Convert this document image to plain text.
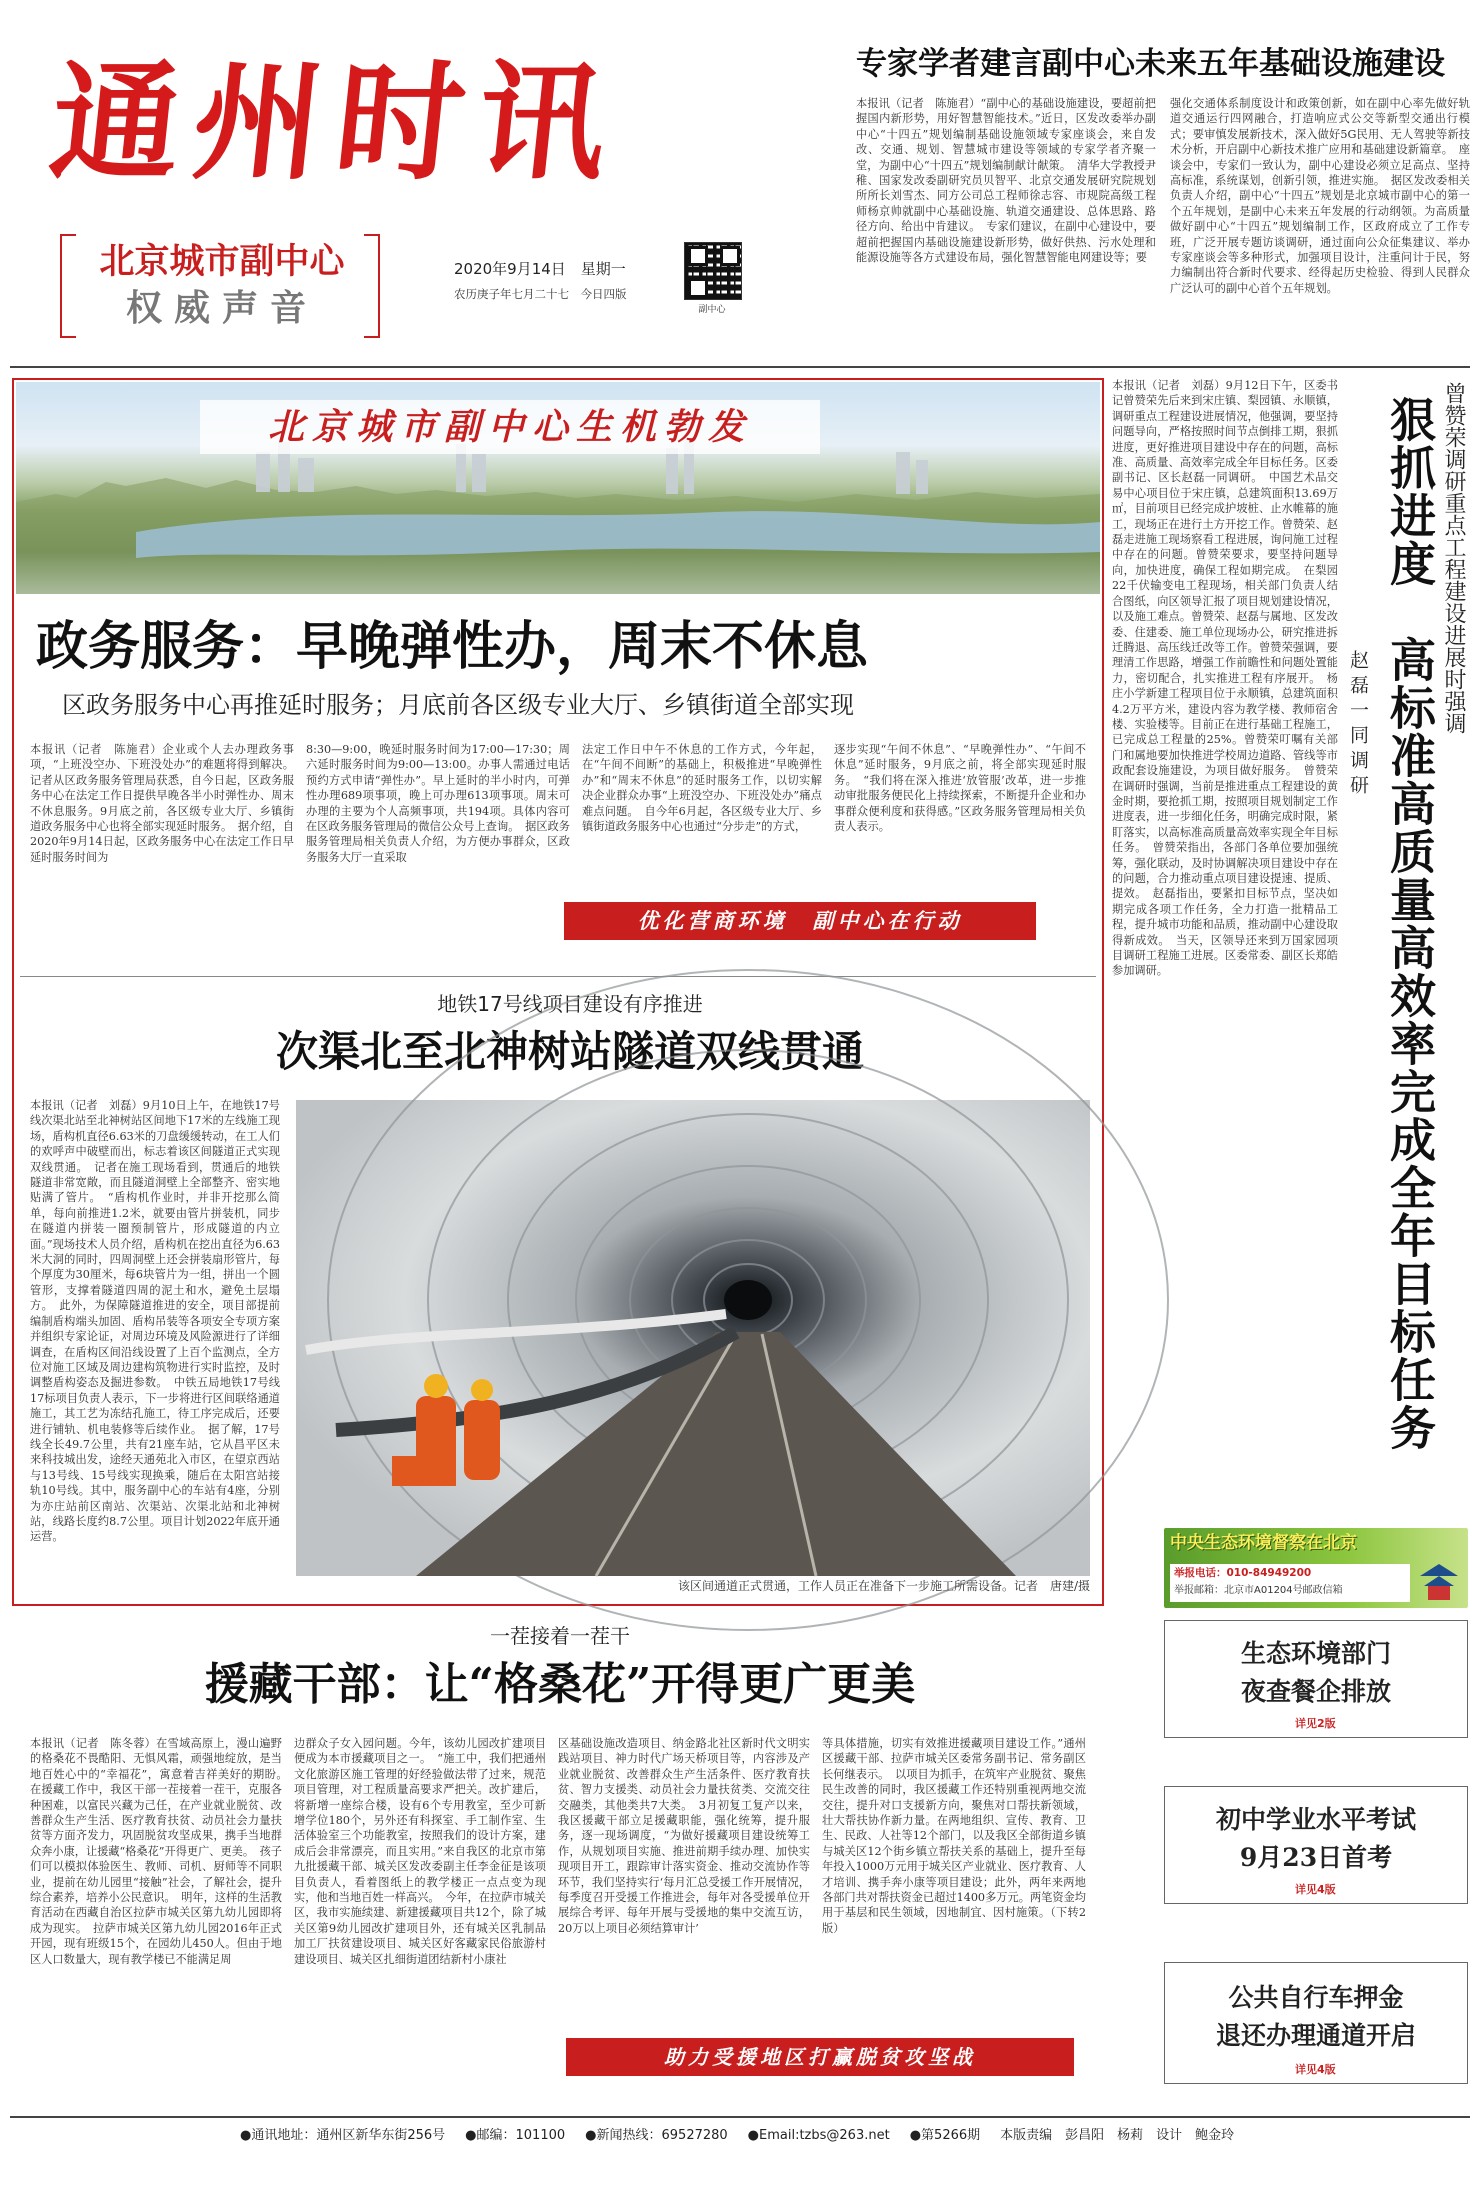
通州时讯
北京城市副中心
权威声音
2020年9月14日　星期一
农历庚子年七月二十七　今日四版
副中心
专家学者建言副中心未来五年基础设施建设

本报讯（记者　陈施君）“副中心的基础设施建设，要超前把握国内新形势，用好智慧智能技术。”近日，区发改委举办副中心“十四五”规划编制基础设施领域专家座谈会，来自发改、交通、规划、智慧城市建设等领域的专家学者齐聚一堂，为副中心“十四五”规划编制献计献策。　清华大学教授尹稚、国家发改委副研究员贝智平、北京交通发展研究院规划所所长刘雪杰、同方公司总工程师徐志容、市规院高级工程师杨京帅就副中心基础设施、轨道交通建设、总体思路、路径方向、给出中肯建议。　专家们建议，在副中心建设中，要超前把握国内基础设施建设新形势，做好供热、污水处理和能源设施等各方式建设布局，强化智慧智能电网建设等；要

强化交通体系制度设计和政策创新，如在副中心率先做好轨道交通运行四网融合，打造响应式公交等新型交通出行模式；要审慎发展新技术，深入做好5G民用、无人驾驶等新技术分析，开启副中心新技术推广应用和基础建设新篇章。　座谈会中，专家们一致认为，副中心建设必须立足高点、坚持高标准，系统谋划，创新引领，推进实施。　据区发改委相关负责人介绍，副中心“十四五”规划是北京城市副中心的第一个五年规划，是副中心未来五年发展的行动纲领。为高质量做好副中心“十四五”规划编制工作，区政府成立了工作专班，广泛开展专题访谈调研，通过面向公众征集建议、举办专家座谈会等多种形式，加强项目设计，注重问计于民，努力编制出符合新时代要求、经得起历史检验、得到人民群众广泛认可的副中心首个五年规划。

北京城市副中心生机勃发
政务服务：早晚弹性办，周末不休息
区政务服务中心再推延时服务；月底前各区级专业大厅、乡镇街道全部实现

本报讯（记者　陈施君）企业或个人去办理政务事项，“上班没空办、下班没处办”的难题将得到解决。记者从区政务服务管理局获悉，自今日起，区政务服务中心在法定工作日提供早晚各半小时弹性办、周末不休息服务。9月底之前，各区级专业大厅、乡镇街道政务服务中心也将全部实现延时服务。　据介绍，自2020年9月14日起，区政务服务中心在法定工作日早延时服务时间为

8:30—9:00，晚延时服务时间为17:00—17:30；周六延时服务时间为9:00—13:00。办事人需通过电话预约方式申请“弹性办”。早上延时的半小时内，可弹性办理689项事项，晚上可办理613项事项。周末可办理的主要为个人高频事项，共194项。具体内容可在区政务服务管理局的微信公众号上查询。　据区政务服务管理局相关负责人介绍，为方便办事群众，区政务服务大厅一直采取

法定工作日中午不休息的工作方式，今年起，在“午间不间断”的基础上，积极推进“早晚弹性办”和“周末不休息”的延时服务工作，以切实解决企业群众办事“上班没空办、下班没处办”痛点难点问题。　自今年6月起，各区级专业大厅、乡镇街道政务服务中心也通过“分步走”的方式，

逐步实现“午间不休息”、“早晚弹性办”、“午间不休息”延时服务，9月底之前，将全部实现延时服务。　“我们将在深入推进‘放管服’改革，进一步推动审批服务便民化上持续探索，不断提升企业和办事群众便利度和获得感。”区政务服务管理局相关负责人表示。

优化营商环境　副中心在行动
地铁17号线项目建设有序推进
次渠北至北神树站隧道双线贯通

本报讯（记者　刘磊）9月10日上午，在地铁17号线次渠北站至北神树站区间地下17米的左线施工现场，盾构机直径6.63米的刀盘缓缓转动，在工人们的欢呼声中破壁而出，标志着该区间隧道正式实现双线贯通。　记者在施工现场看到，贯通后的地铁隧道非常宽敞，而且隧道洞壁上全部整齐、密实地贴满了管片。　“盾构机作业时，并非开挖那么简单，每向前推进1.2米，就要由管片拼装机，同步在隧道内拼装一圈预制管片，形成隧道的内立面。”现场技术人员介绍，盾构机在挖出直径为6.63米大洞的同时，四周洞壁上还会拼装扇形管片，每个厚度为30厘米，每6块管片为一组，拼出一个圆管形，支撑着隧道四周的泥土和水，避免土层塌方。　此外，为保障隧道推进的安全，项目部提前编制盾构端头加固、盾构吊装等各项安全专项方案并组织专家论证，对周边环境及风险源进行了详细调查，在盾构区间沿线设置了上百个监测点，全方位对施工区域及周边建构筑物进行实时监控，及时调整盾构姿态及掘进参数。　中铁五局地铁17号线17标项目负责人表示，下一步将进行区间联络通道施工，其工艺为冻结孔施工，待工序完成后，还要进行铺轨、机电装修等后续作业。　据了解，17号线全长49.7公里，共有21座车站，它从昌平区未来科技城出发，途经天通苑北入市区，在望京西站与13号线、15号线实现换乘，随后在太阳宫站接轨10号线。其中，服务副中心的车站有4座，分别为亦庄站前区南站、次渠站、次渠北站和北神树站，线路长度约8.7公里。项目计划2022年底开通运营。

该区间通道正式贯通，工作人员正在准备下一步施工所需设备。记者　唐建/摄

本报讯（记者　刘磊）9月12日下午，区委书记曾赞荣先后来到宋庄镇、梨园镇、永顺镇，调研重点工程建设进展情况，他强调，要坚持问题导向，严格按照时间节点倒排工期，狠抓进度，更好推进项目建设中存在的问题，高标准、高质量、高效率完成全年目标任务。区委副书记、区长赵磊一同调研。　中国艺术品交易中心项目位于宋庄镇，总建筑面积13.69万㎡，目前项目已经完成护坡桩、止水帷幕的施工，现场正在进行土方开挖工作。曾赞荣、赵磊走进施工现场察看工程进展，询问施工过程中存在的问题。曾赞荣要求，要坚持问题导向，加快进度，确保工程如期完成。　在梨园22千伏输变电工程现场，相关部门负责人结合图纸，向区领导汇报了项目规划建设情况，以及施工难点。曾赞荣、赵磊与属地、区发改委、住建委、施工单位现场办公，研究推进拆迁腾退、高压线迁改等工作。曾赞荣强调，要理清工作思路，增强工作前瞻性和问题处置能力，密切配合，扎实推进工程有序展开。　杨庄小学新建工程项目位于永顺镇，总建筑面积4.2万平方米，建设内容为教学楼、教师宿舍楼、实验楼等。目前正在进行基础工程施工，已完成总工程量的25%。曾赞荣叮嘱有关部门和属地要加快推进学校周边道路、管线等市政配套设施建设，为项目做好服务。　曾赞荣在调研时强调，当前是推进重点工程建设的黄金时期，要抢抓工期，按照项目规划制定工作进度表，进一步细化任务，明确完成时限，紧盯落实，以高标准高质量高效率实现全年目标任务。　曾赞荣指出，各部门各单位要加强统筹，强化联动，及时协调解决项目建设中存在的问题，合力推动重点项目建设提速、提质、提效。　赵磊指出，要紧扣目标节点，坚决如期完成各项工作任务，全力打造一批精品工程，提升城市功能和品质，推动副中心建设取得新成效。　当天，区领导还来到万国家园项目调研工程施工进展。区委常委、副区长郑皓参加调研。

曾赞荣调研重点工程建设进展时强调
狠抓进度　高标准高质量高效率完成全年目标任务
赵磊一同调研
中央生态环境督察在北京
举报电话：010-84949200
举报邮箱：北京市A01204号邮政信箱
生态环境部门
夜查餐企排放
详见2版
初中学业水平考试
9月23日首考
详见4版
公共自行车押金
退还办理通道开启
详见4版
一茬接着一茬干
援藏干部：让“格桑花”开得更广更美

本报讯（记者　陈冬蓉）在雪域高原上，漫山遍野的格桑花不畏酷阳、无惧风霜，顽强地绽放，是当地百姓心中的“幸福花”，寓意着吉祥美好的期盼。　在援藏工作中，我区干部一茬接着一茬干，克服各种困难，以富民兴藏为己任，在产业就业脱贫、改善群众生产生活、医疗教育扶贫、动员社会力量扶贫等方面齐发力，巩固脱贫攻坚成果，携手当地群众奔小康，让援藏“格桑花”开得更广、更美。　孩子们可以模拟体验医生、教师、司机、厨师等不同职业，提前在幼儿园里“接触”社会，了解社会，提升综合素养，培养小公民意识。　明年，这样的生活教育活动在西藏自治区拉萨市城关区第九幼儿园即将成为现实。　拉萨市城关区第九幼儿园2016年正式开园，现有班级15个，在园幼儿450人。但由于地区人口数量大，现有教学楼已不能满足周

边群众子女入园问题。今年，该幼儿园改扩建项目便成为本市援藏项目之一。　“施工中，我们把通州文化旅游区施工管理的好经验做法带了过来，规范项目管理，对工程质量高要求严把关。改扩建后，将新增一座综合楼，设有6个专用教室，至少可新增学位180个，另外还有科探室、手工制作室、生活体验室三个功能教室，按照我们的设计方案，建成后会非常漂亮，而且实用。”来自我区的北京市第九批援藏干部、城关区发改委副主任李金征是该项目负责人，看着图纸上的教学楼正一点点变为现实，他和当地百姓一样高兴。　今年，在拉萨市城关区，我市实施续建、新建援藏项目共12个，除了城关区第9幼儿园改扩建项目外，还有城关区乳制品加工厂扶贫建设项目、城关区好客藏家民俗旅游村建设项目、城关区扎细街道团结新村小康社

区基础设施改造项目、纳金路北社区新时代文明实践站项目、神力时代广场天桥项目等，内容涉及产业就业脱贫、改善群众生产生活条件、医疗教育扶贫、智力支援类、动员社会力量扶贫类、交流交往交融类，其他类共7大类。　3月初复工复产以来，我区援藏干部立足援藏职能，强化统筹，提升服务，逐一现场调度，“为做好援藏项目建设统筹工作，从规划项目实施、推进前期手续办理、加快实现项目开工，跟踪审计落实资金、推动交流协作等环节，我们坚持实行‘每月汇总受援工作开展情况，每季度召开受援工作推进会，每年对各受援单位开展综合考评、每年开展与受援地的集中交流互访，20万以上项目必须结算审计’

等具体措施，切实有效推进援藏项目建设工作。”通州区援藏干部、拉萨市城关区委常务副书记、常务副区长何继表示。　以项目为抓手，在筑牢产业脱贫、聚焦民生改善的同时，我区援藏工作还特别重视两地交流交往，提升对口支援新方向，聚焦对口帮扶新领域，壮大帮扶协作新力量。在两地组织、宣传、教育、卫生、民政、人社等12个部门，以及我区全部街道乡镇与城关区12个街乡镇立帮扶关系的基础上，提升至每年投入1000万元用于城关区产业就业、医疗教育、人才培训、携手奔小康等项目建设；此外，两年来两地各部门共对帮扶资金已超过1400多万元。两笔资金均用于基层和民生领域，因地制宜、因村施策。（下转2版）

助力受援地区打赢脱贫攻坚战
●通讯地址：通州区新华东街256号 ●邮编：101100 ●新闻热线：69527280 ●Email:tzbs@263.net ●第5266期 本版责编　彭昌阳　杨莉　设计　鲍金玲
